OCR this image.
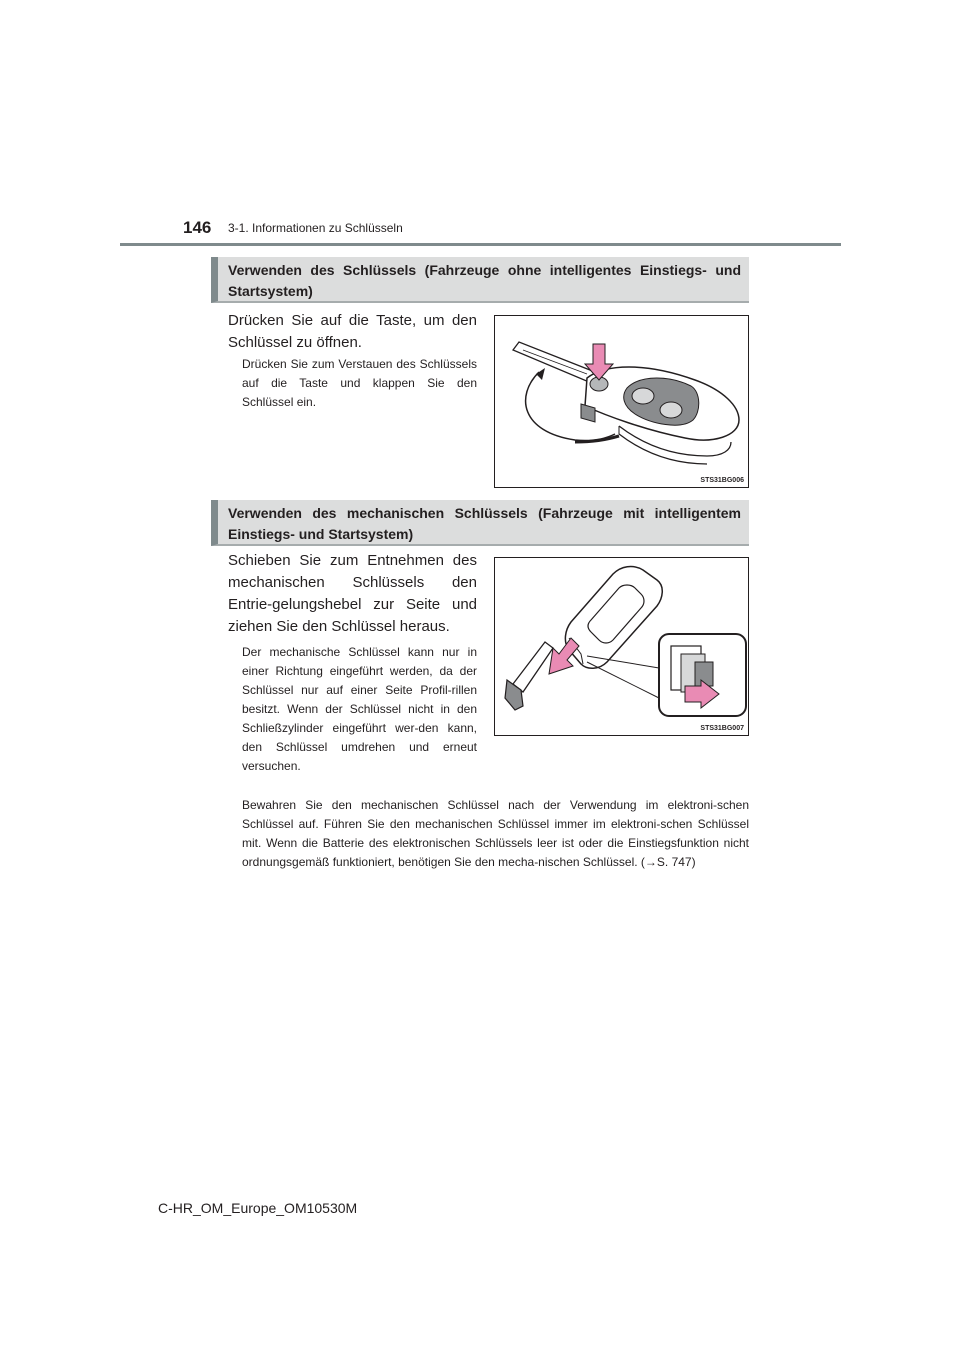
146 3-1. Informationen zu Schlüsseln
Verwenden des Schlüssels (Fahrzeuge ohne intelligentes Einstiegs- und Startsystem)
Drücken Sie auf die Taste, um den Schlüssel zu öffnen.
Drücken Sie zum Verstauen des Schlüssels auf die Taste und klappen Sie den Schlüssel ein.
STS31BG006
Verwenden des mechanischen Schlüssels (Fahrzeuge mit intelligentem Einstiegs- und Startsystem)
Schieben Sie zum Entnehmen des mechanischen Schlüssels den Entrie-gelungshebel zur Seite und ziehen Sie den Schlüssel heraus.
Der mechanische Schlüssel kann nur in einer Richtung eingeführt werden, da der Schlüssel nur auf einer Seite Profil-rillen besitzt. Wenn der Schlüssel nicht in den Schließzylinder eingeführt wer-den kann, den Schlüssel umdrehen und erneut versuchen.
STS31BG007
Bewahren Sie den mechanischen Schlüssel nach der Verwendung im elektroni-schen Schlüssel auf. Führen Sie den mechanischen Schlüssel immer im elektroni-schen Schlüssel mit. Wenn die Batterie des elektronischen Schlüssels leer ist oder die Einstiegsfunktion nicht ordnungsgemäß funktioniert, benötigen Sie den mecha-nischen Schlüssel. (→S. 747)
C-HR_OM_Europe_OM10530M
